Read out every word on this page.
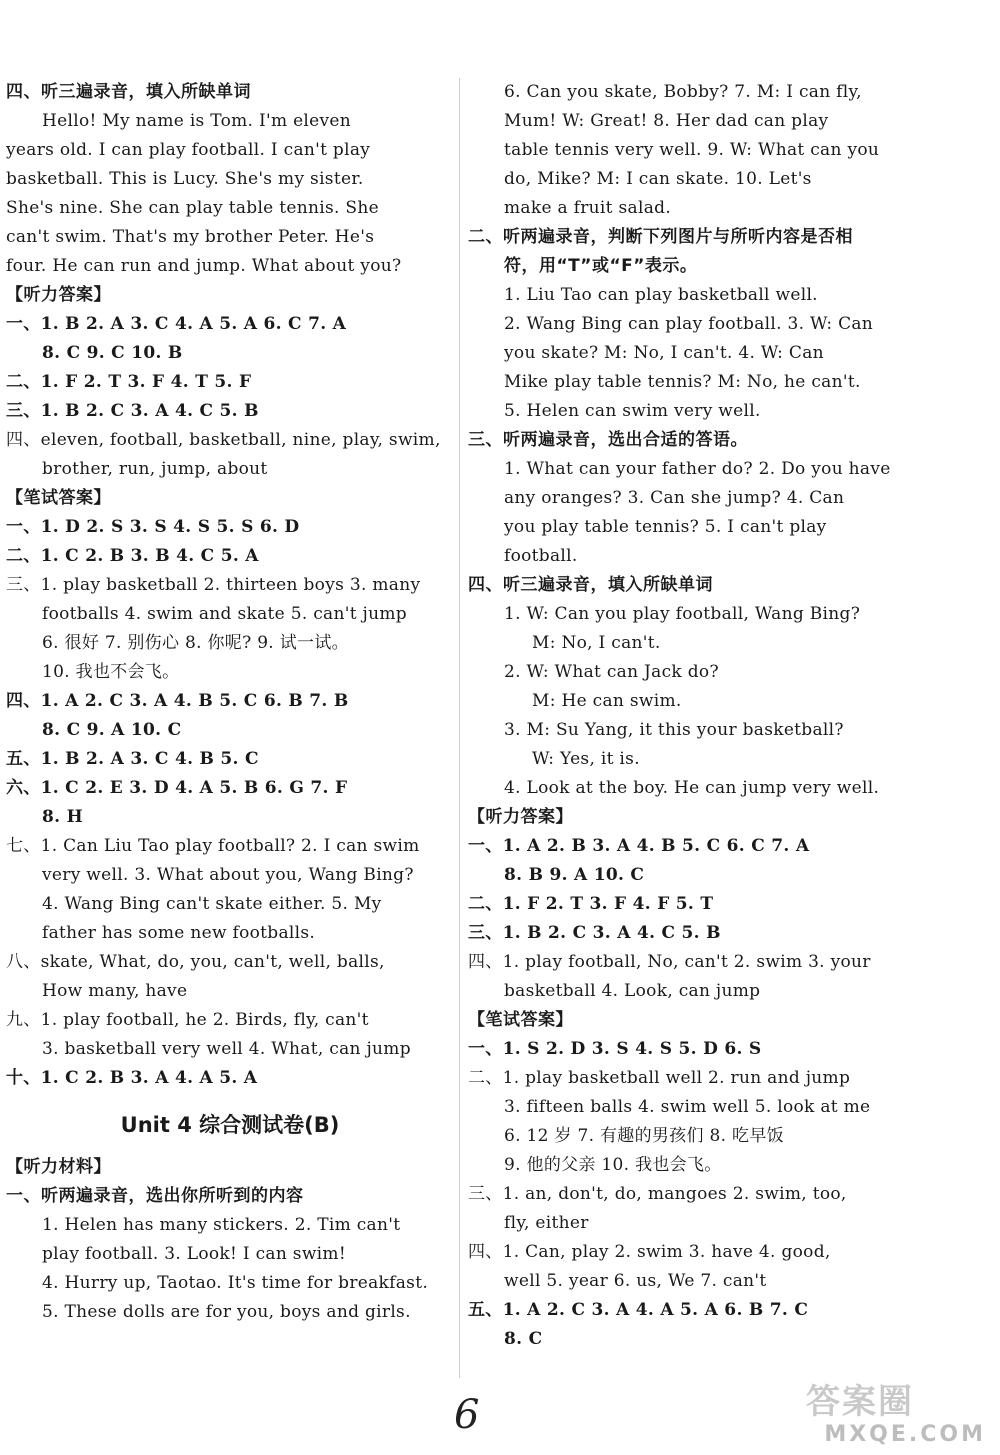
四、听三遍录音，填入所缺单词
Hello! My name is Tom. I'm eleven
years old. I can play football. I can't play
basketball. This is Lucy. She's my sister.
She's nine. She can play table tennis. She
can't swim. That's my brother Peter. He's
four. He can run and jump. What about you?
【听力答案】
一、1. B 2. A 3. C 4. A 5. A 6. C 7. A
8. C 9. C 10. B
二、1. F 2. T 3. F 4. T 5. F
三、1. B 2. C 3. A 4. C 5. B
四、eleven, football, basketball, nine, play, swim,
brother, run, jump, about
【笔试答案】
一、1. D 2. S 3. S 4. S 5. S 6. D
二、1. C 2. B 3. B 4. C 5. A
三、1. play basketball 2. thirteen boys 3. many
footballs 4. swim and skate 5. can't jump
6. 很好 7. 别伤心 8. 你呢? 9. 试一试。
10. 我也不会飞。
四、1. A 2. C 3. A 4. B 5. C 6. B 7. B
8. C 9. A 10. C
五、1. B 2. A 3. C 4. B 5. C
六、1. C 2. E 3. D 4. A 5. B 6. G 7. F
8. H
七、1. Can Liu Tao play football? 2. I can swim
very well. 3. What about you, Wang Bing?
4. Wang Bing can't skate either. 5. My
father has some new footballs.
八、skate, What, do, you, can't, well, balls,
How many, have
九、1. play football, he 2. Birds, fly, can't
3. basketball very well 4. What, can jump
十、1. C 2. B 3. A 4. A 5. A
Unit 4 综合测试卷(B)
【听力材料】
一、听两遍录音，选出你所听到的内容
1. Helen has many stickers. 2. Tim can't
play football. 3. Look! I can swim!
4. Hurry up, Taotao. It's time for breakfast.
5. These dolls are for you, boys and girls.
6. Can you skate, Bobby? 7. M: I can fly,
Mum! W: Great! 8. Her dad can play
table tennis very well. 9. W: What can you
do, Mike? M: I can skate. 10. Let's
make a fruit salad.
二、听两遍录音，判断下列图片与所听内容是否相
符，用“T”或“F”表示。
1. Liu Tao can play basketball well.
2. Wang Bing can play football. 3. W: Can
you skate? M: No, I can't. 4. W: Can
Mike play table tennis? M: No, he can't.
5. Helen can swim very well.
三、听两遍录音，选出合适的答语。
1. What can your father do? 2. Do you have
any oranges? 3. Can she jump? 4. Can
you play table tennis? 5. I can't play
football.
四、听三遍录音，填入所缺单词
1. W: Can you play football, Wang Bing?
M: No, I can't.
2. W: What can Jack do?
M: He can swim.
3. M: Su Yang, it this your basketball?
W: Yes, it is.
4. Look at the boy. He can jump very well.
【听力答案】
一、1. A 2. B 3. A 4. B 5. C 6. C 7. A
8. B 9. A 10. C
二、1. F 2. T 3. F 4. F 5. T
三、1. B 2. C 3. A 4. C 5. B
四、1. play football, No, can't 2. swim 3. your
basketball 4. Look, can jump
【笔试答案】
一、1. S 2. D 3. S 4. S 5. D 6. S
二、1. play basketball well 2. run and jump
3. fifteen balls 4. swim well 5. look at me
6. 12 岁 7. 有趣的男孩们 8. 吃早饭
9. 他的父亲 10. 我也会飞。
三、1. an, don't, do, mangoes 2. swim, too,
fly, either
四、1. Can, play 2. swim 3. have 4. good,
well 5. year 6. us, We 7. can't
五、1. A 2. C 3. A 4. A 5. A 6. B 7. C
8. C
6	答案圈
MXQE.COM
